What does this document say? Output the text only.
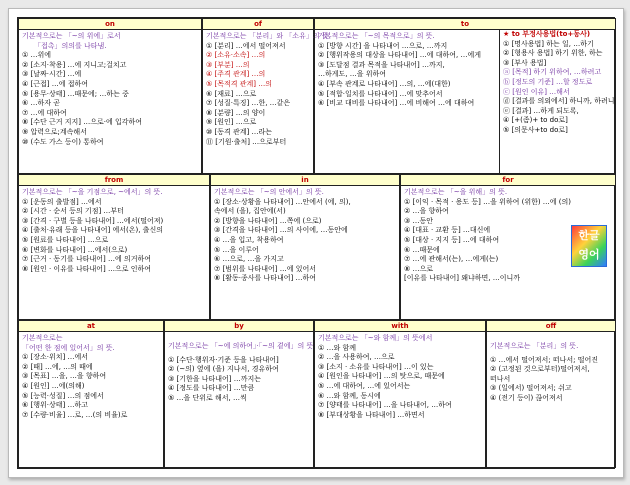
on
기본적으로는 「~의 위에」로서
「접촉」의의를 나타냄.
① …위에
② [소지·착용] …에 지니고;걸치고
③ [날짜·시간] …에
④ [근접] …에 접하여
⑤ [용무·상태] …때문에; …하는 중
⑥ …하자 곧
⑦ …에 대하여
⑧ [수단 근거 지지] …으로·에 입각하여
⑨ 압력으로;계속해서
⑩ (수도 가스 등이) 통하여
of
기본적으로는 「분리」와 「소유」의 뜻.
① [분리] …에서 떨어져서
② [소유·소속] …의
③ [부분] …의
④ [주격 관계] …의
⑤ [목적격 관계] …의
⑥ [재료] …으로
⑦ [성질·특징] …한, …같은
⑧ [분량] …의 양이
⑨ [원인] …으로
⑩ [동격 관계] …라는
⑪ [기원·출처] …으로부터
to
기본적으로는 「~의 목적으로」의 뜻.
① [방향 시간] 을 나타내어 …으로, …까지
② [행위작용의 대상을 나타내어] …에 대하여, …에게
③ [도달점 결과 목적을 나타내어] …까지,
…하게도, …을 위하여
④ [부속 관계로 나타내어] …의, …에(대한)
⑤ [적합·일치를 나타내어] …에 맞추어서
⑥ [비교 대비를 나타내어] …에 비해여 …에 대하여
★ to 부정사용법(to+동사)
① [명사용법] 하는 일, …하기
② [형용사 용법] 하기 위한, 하는
③ [부사 용법]
ⓐ [목적] 하기 위하여, …하려고
ⓑ [정도의 기준] …할 정도로
ⓒ [원인 이유] …해서
ⓓ [결과를 의외에서] 하니까, 하려니
ⓔ [결과] …하게 되도록,
④ [+(좀)+ to do로]
⑤ [의문사+to do로]
from
기본적으로는 「~을 기점으로, ~에서」의 뜻.
① [운동의 출발점] …에서
② [시간 · 순서 등의 기점] …부터
③ [간격 · 구별 등을 나타내어] …에서(떨어져)
④ [출처·유래 등을 나타내어] 에서(온), 출신의
⑤ [원료를 나타내어] …으로
⑥ [변화를 나타내어] …에서(으로)
⑦ [근거 · 동기를 나타내어] …에 의거하여
⑧ [원인 · 이유를 나타내어] …으로 인하여
in
기본적으로는 「~의 안에서」의 뜻.
① [장소·상황을 나타내어] …안에서 (에, 의),
속에서 (을), 집안에(서)
② [방향을 나타내어] …쪽에 (으로)
③ [간격을 나타내어] …의 사이에, …동안에
④ …을 입고, 착용하여
⑤ …을 이루어
⑥ …으로, …을 가지고
⑦ [범위를 나타내어] …에 있어서
⑧ [활동·종사를 나타내어] …하여
for
기본적으로는 「~을 위해」의 뜻.
① [이익 · 목적 · 용도 등] …을 위하여 (위한) …에 (의)
② …을 향하여
③ …동안
④ [대표 · 교환 등] …대신에
⑤ [대상 · 지지 등] …에 대하여
⑥ …때문에
⑦ …에 관해서(는), …에게(는)
⑧ …으로
[이유를 나타내어] 왜냐하면, …이니까
한글
영어
at
기본적으로는
「어떤 한 점에 있어서」의 뜻.
① [장소·위치] …에서
② [때] …에, …의 때에
③ [목표] …을, …을 향하여
④ [원인] …에(의해)
⑤ [능력·성질] …의 점에서
⑥ [행위·상태] …하고
⑦ [수량·비율] …로, …(의 비율)로
by
기본적으로는 「~에 의하여」·「~의 곁에」의 뜻.
① [수단·행위자·기준 등을 나타내어]
② (~의) 옆에 (을) 지나서, 경유하여
③ [기한을 나타내어] …까지는
④ [정도를 나타내어] …만큼
⑤ …을 단위로 해서, …씩
with
기본적으로는 「~와 함께」의 뜻에서
① …와 함께
② …을 사용하여, …으로
③ [소지 · 소유를 나타내어] …이 있는
④ [원인을 나타내어] …의 탓으로, 때문에
⑤ …에 대하여, …에 있어서는
⑥ …와 함께, 동시에
⑦ [양태를 나타내어] …을 나타내어, …하여
⑧ [부대상황을 나타내어] …하면서
off
기본적으로는 「분리」의 뜻.
① …에서 떨어져서; 떠나서; 떨어진
② (고정된 것으로부터)떨어져서,
떠나서
③ (일에서) 떨어져서; 쉬고
④ (전기 등이) 끊어져서
